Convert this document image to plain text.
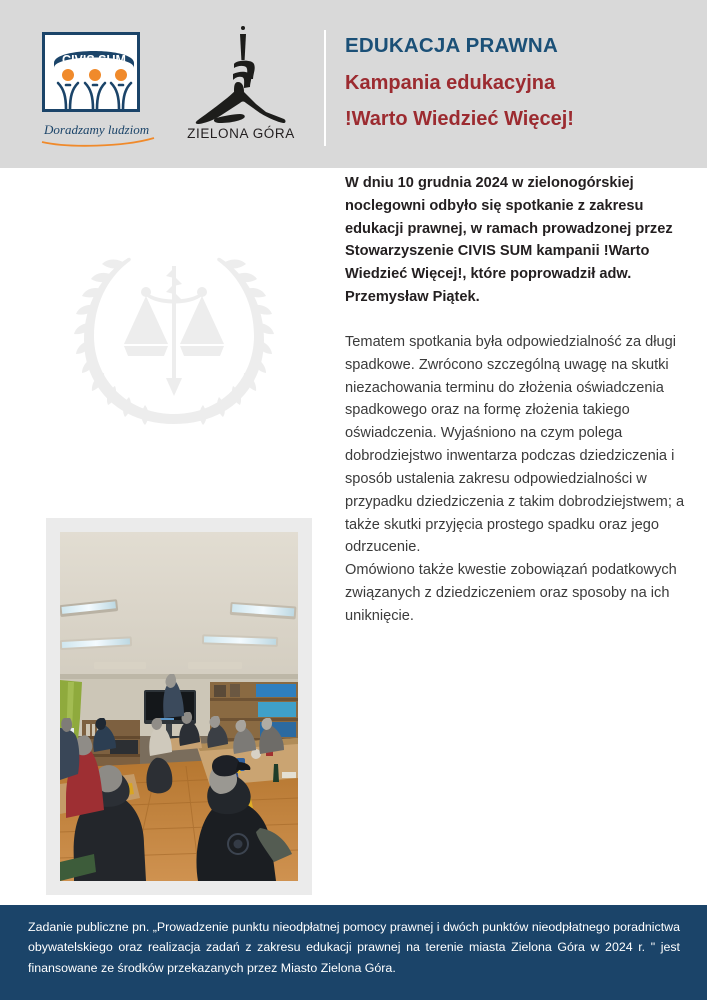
CIVIS SUM
Doradzamy ludziom	ZIELONA GÓRA
EDUKACJA PRAWNA
Kampania edukacyjna
!Warto Wiedzieć Więcej!

W dniu 10 grudnia 2024 w zielonogórskiej noclegowni odbyło się spotkanie z zakresu edukacji prawnej, w ramach prowadzonej przez Stowarzyszenie CIVIS SUM kampanii !Warto Wiedzieć Więcej!, które poprowadził adw. Przemysław Piątek.

Tematem spotkania była odpowiedzialność za długi spadkowe. Zwrócono szczególną uwagę na skutki niezachowania terminu do złożenia oświadczenia spadkowego oraz na formę złożenia takiego oświadczenia. Wyjaśniono na czym polega dobrodziejstwo inwentarza podczas dziedziczenia i sposób ustalenia zakresu odpowiedzialności w przypadku dziedziczenia z takim dobrodziejstwem; a także skutki przyjęcia prostego spadku oraz jego odrzucenie.

Omówiono także kwestie zobowiązań podatkowych związanych z dziedziczeniem oraz sposoby na ich uniknięcie.

Zadanie publiczne pn. „Prowadzenie punktu nieodpłatnej pomocy prawnej i dwóch punktów nieodpłatnego poradnictwa obywatelskiego oraz realizacja zadań z zakresu edukacji prawnej na terenie miasta Zielona Góra w 2024 r. " jest finansowane ze środków przekazanych przez Miasto Zielona Góra.
